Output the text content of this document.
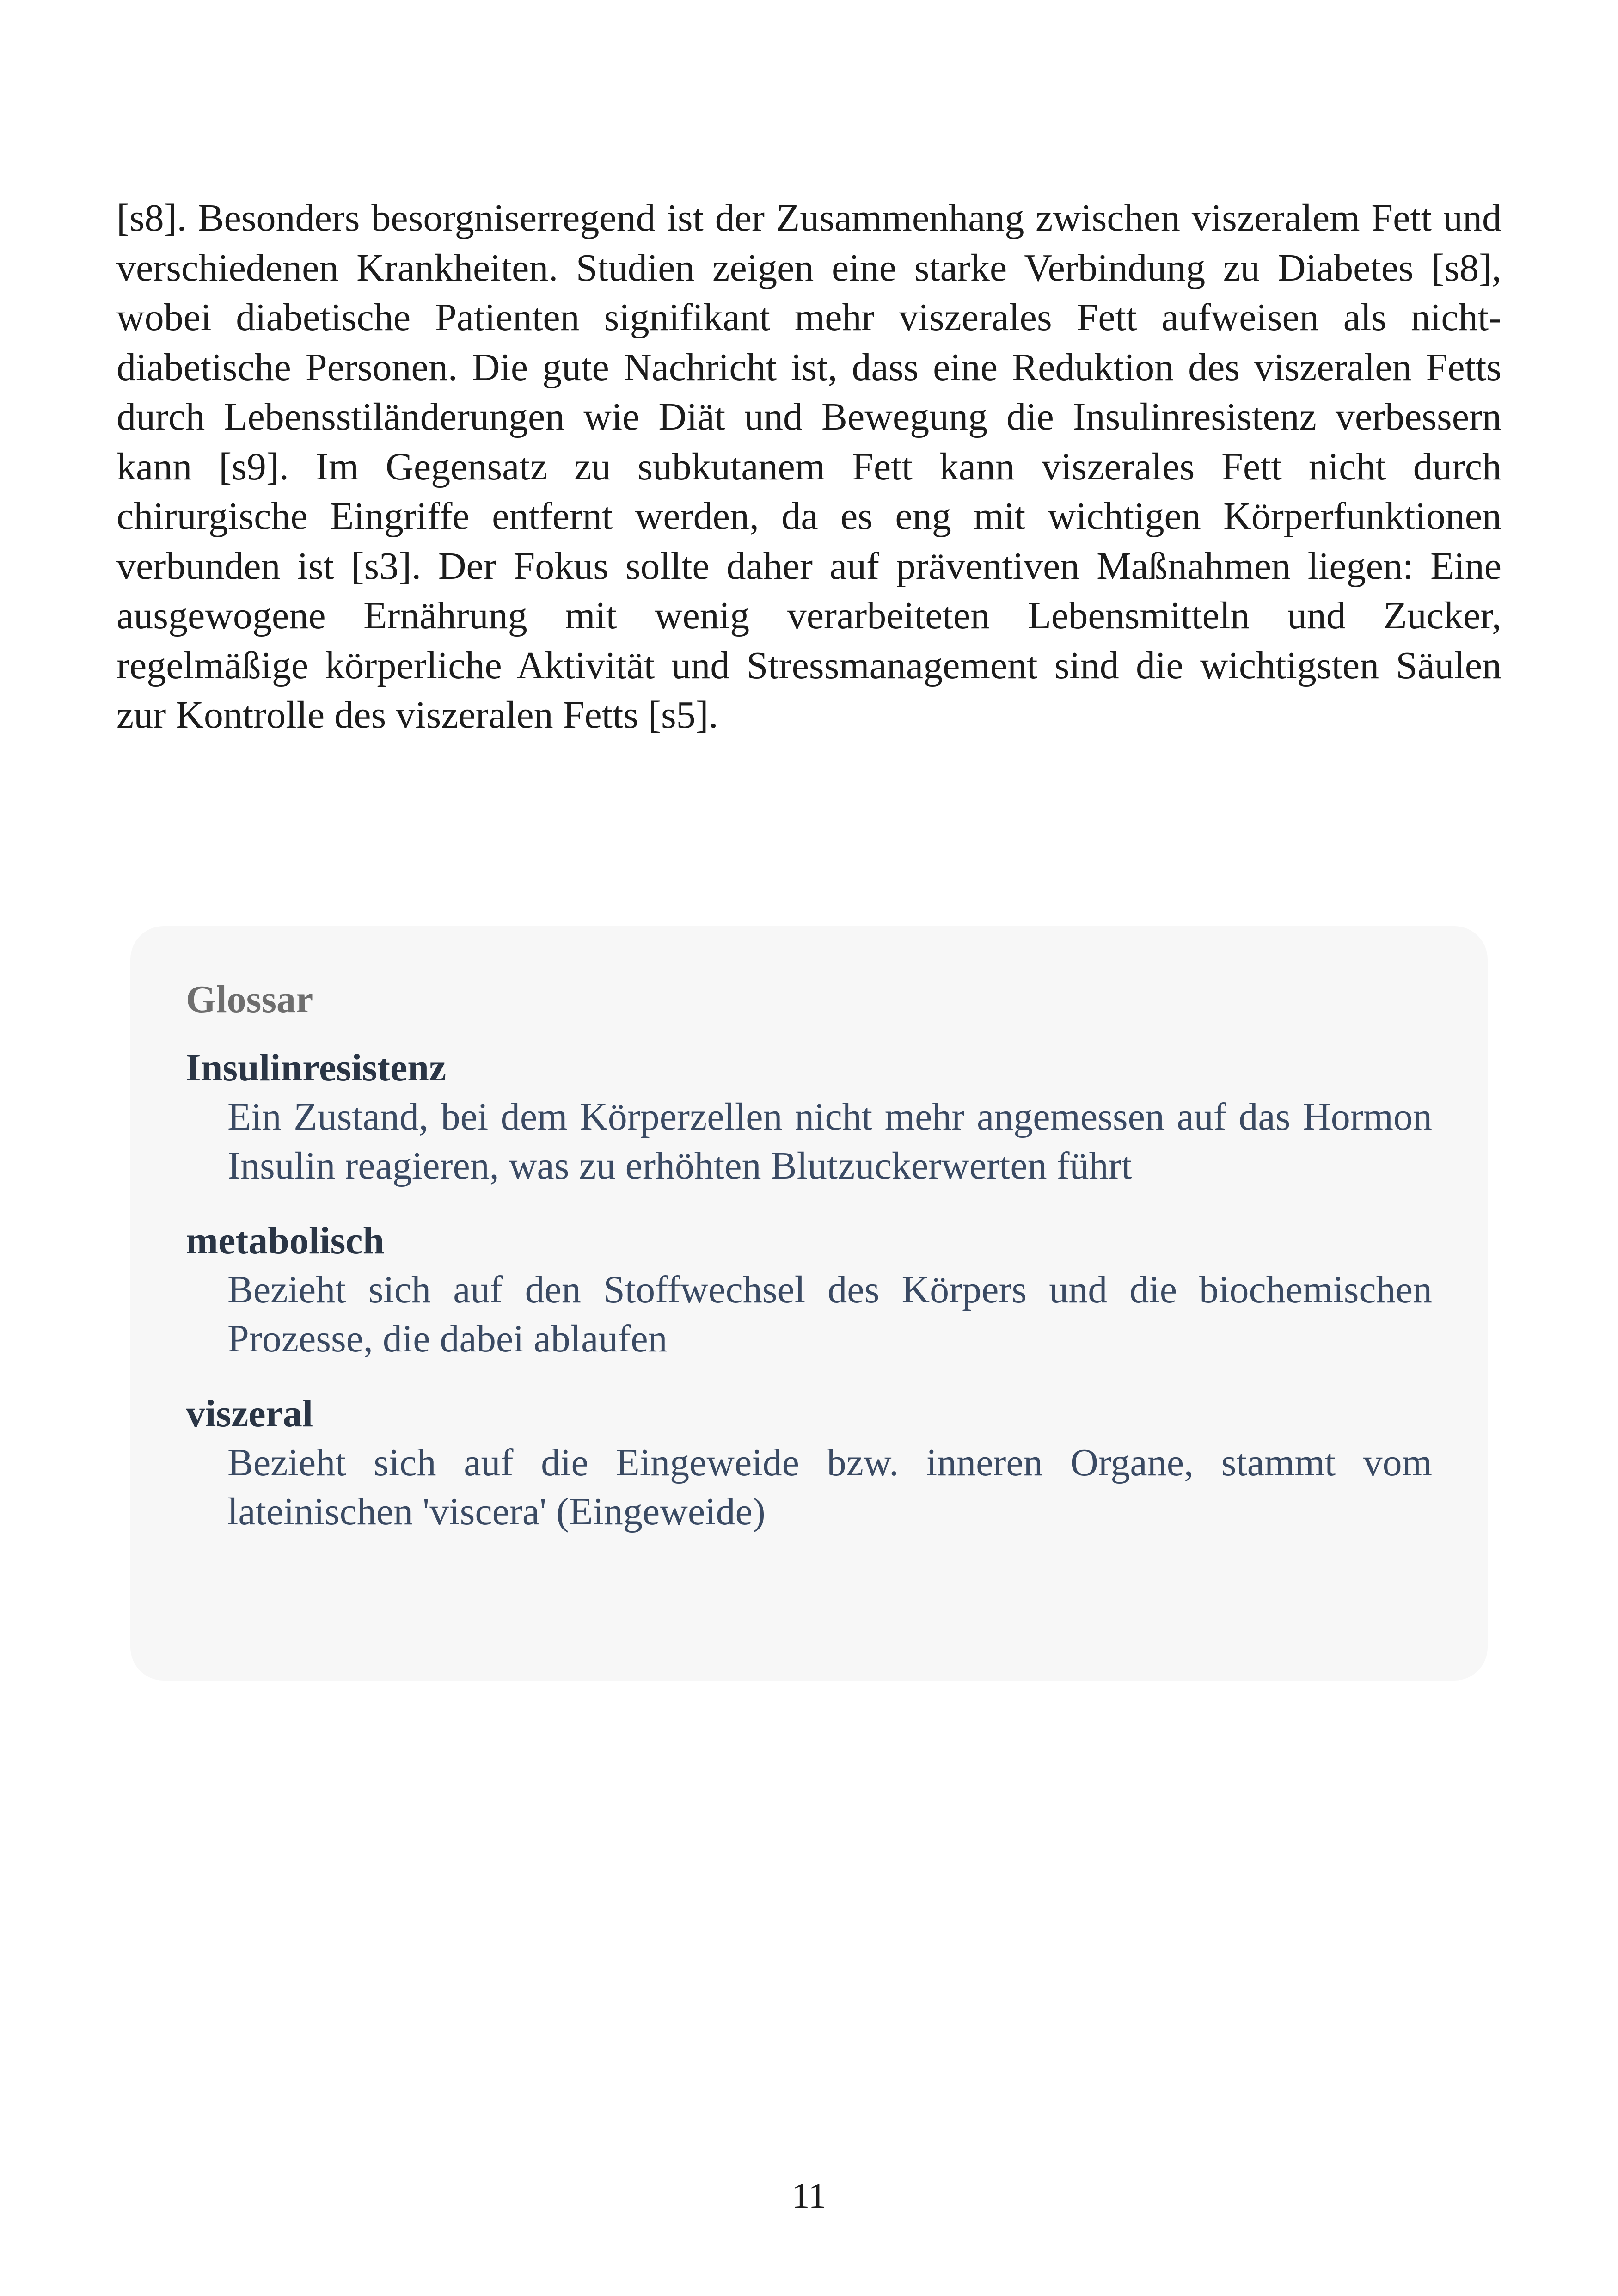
[s8]. Besonders besorgniserregend ist der Zusammenhang zwischen viszeralem Fett und verschiedenen Krankheiten. Studien zeigen eine starke Verbindung zu Diabetes [s8], wobei diabetische Patienten signifikant mehr viszerales Fett aufweisen als nicht-diabetische Personen. Die gute Nachricht ist, dass eine Reduktion des viszeralen Fetts durch Lebensstiländerungen wie Diät und Bewegung die Insulinresistenz verbessern kann [s9]. Im Gegensatz zu subkutanem Fett kann viszerales Fett nicht durch chirurgische Eingriffe entfernt werden, da es eng mit wichtigen Körperfunktionen verbunden ist [s3]. Der Fokus sollte daher auf präventiven Maßnahmen liegen: Eine ausgewogene Ernährung mit wenig verarbeiteten Lebensmitteln und Zucker, regelmäßige körperliche Aktivität und Stressmanagement sind die wichtigsten Säulen zur Kontrolle des viszeralen Fetts [s5].

Glossar
Insulinresistenz
Ein Zustand, bei dem Körperzellen nicht mehr angemessen auf das Hormon Insulin reagieren, was zu erhöhten Blutzuckerwerten führt
metabolisch
Bezieht sich auf den Stoffwechsel des Körpers und die biochemischen Prozesse, die dabei ablaufen
viszeral
Bezieht sich auf die Eingeweide bzw. inneren Organe, stammt vom lateinischen 'viscera' (Eingeweide)

11
